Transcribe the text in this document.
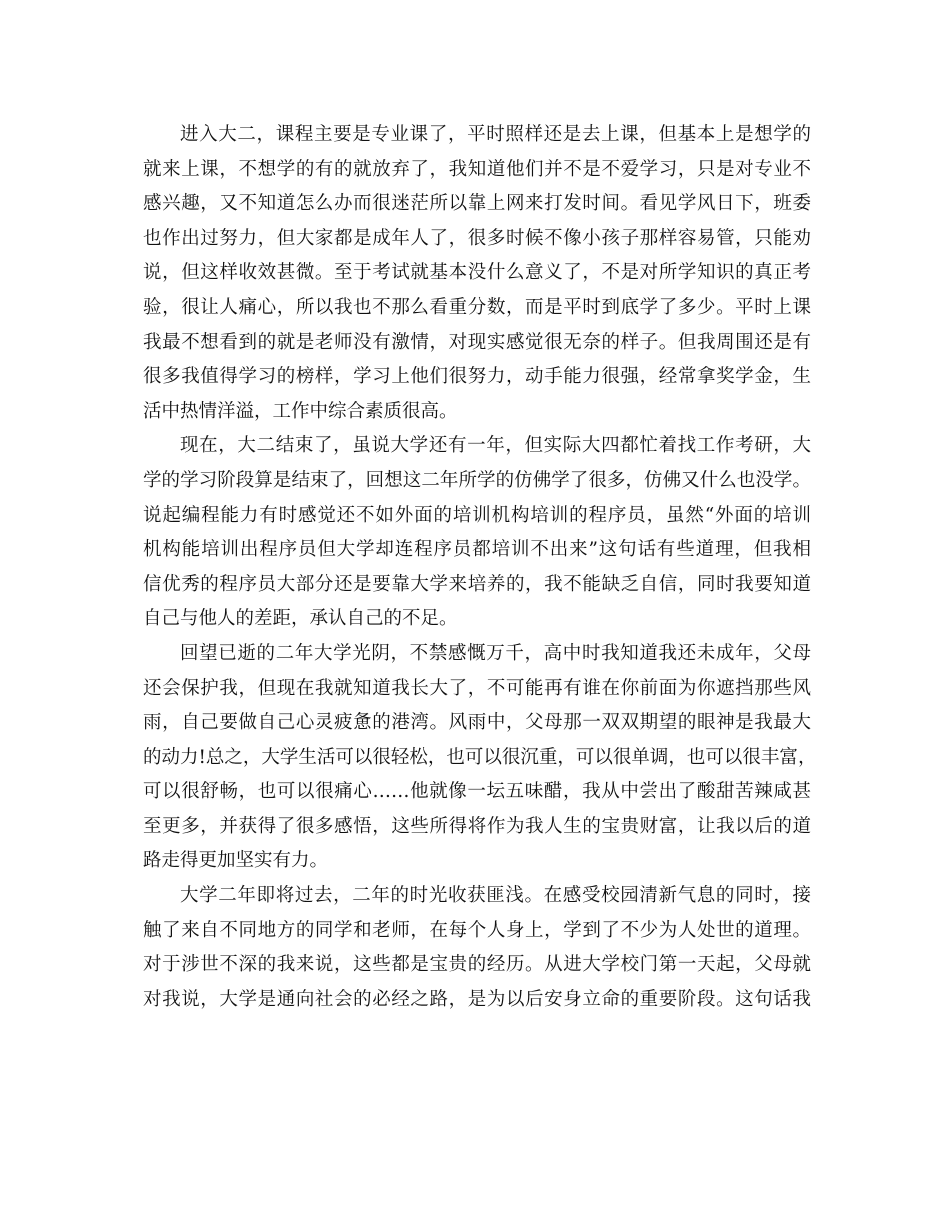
进入大二，课程主要是专业课了，平时照样还是去上课，但基本上是想学的
就来上课，不想学的有的就放弃了，我知道他们并不是不爱学习，只是对专业不
感兴趣，又不知道怎么办而很迷茫所以靠上网来打发时间。看见学风日下，班委
也作出过努力，但大家都是成年人了，很多时候不像小孩子那样容易管，只能劝
说，但这样收效甚微。至于考试就基本没什么意义了，不是对所学知识的真正考
验，很让人痛心，所以我也不那么看重分数，而是平时到底学了多少。平时上课
我最不想看到的就是老师没有激情，对现实感觉很无奈的样子。但我周围还是有
很多我值得学习的榜样，学习上他们很努力，动手能力很强，经常拿奖学金，生
活中热情洋溢，工作中综合素质很高。
现在，大二结束了，虽说大学还有一年，但实际大四都忙着找工作考研，大
学的学习阶段算是结束了，回想这二年所学的仿佛学了很多，仿佛又什么也没学。
说起编程能力有时感觉还不如外面的培训机构培训的程序员，虽然“外面的培训
机构能培训出程序员但大学却连程序员都培训不出来”这句话有些道理，但我相
信优秀的程序员大部分还是要靠大学来培养的，我不能缺乏自信，同时我要知道
自己与他人的差距，承认自己的不足。
回望已逝的二年大学光阴，不禁感慨万千，高中时我知道我还未成年，父母
还会保护我，但现在我就知道我长大了，不可能再有谁在你前面为你遮挡那些风
雨，自己要做自己心灵疲惫的港湾。风雨中，父母那一双双期望的眼神是我最大
的动力!总之，大学生活可以很轻松，也可以很沉重，可以很单调，也可以很丰富，
可以很舒畅，也可以很痛心……他就像一坛五味醋，我从中尝出了酸甜苦辣咸甚
至更多，并获得了很多感悟，这些所得将作为我人生的宝贵财富，让我以后的道
路走得更加坚实有力。
大学二年即将过去，二年的时光收获匪浅。在感受校园清新气息的同时，接
触了来自不同地方的同学和老师，在每个人身上，学到了不少为人处世的道理。
对于涉世不深的我来说，这些都是宝贵的经历。从进大学校门第一天起，父母就
对我说，大学是通向社会的必经之路，是为以后安身立命的重要阶段。这句话我
